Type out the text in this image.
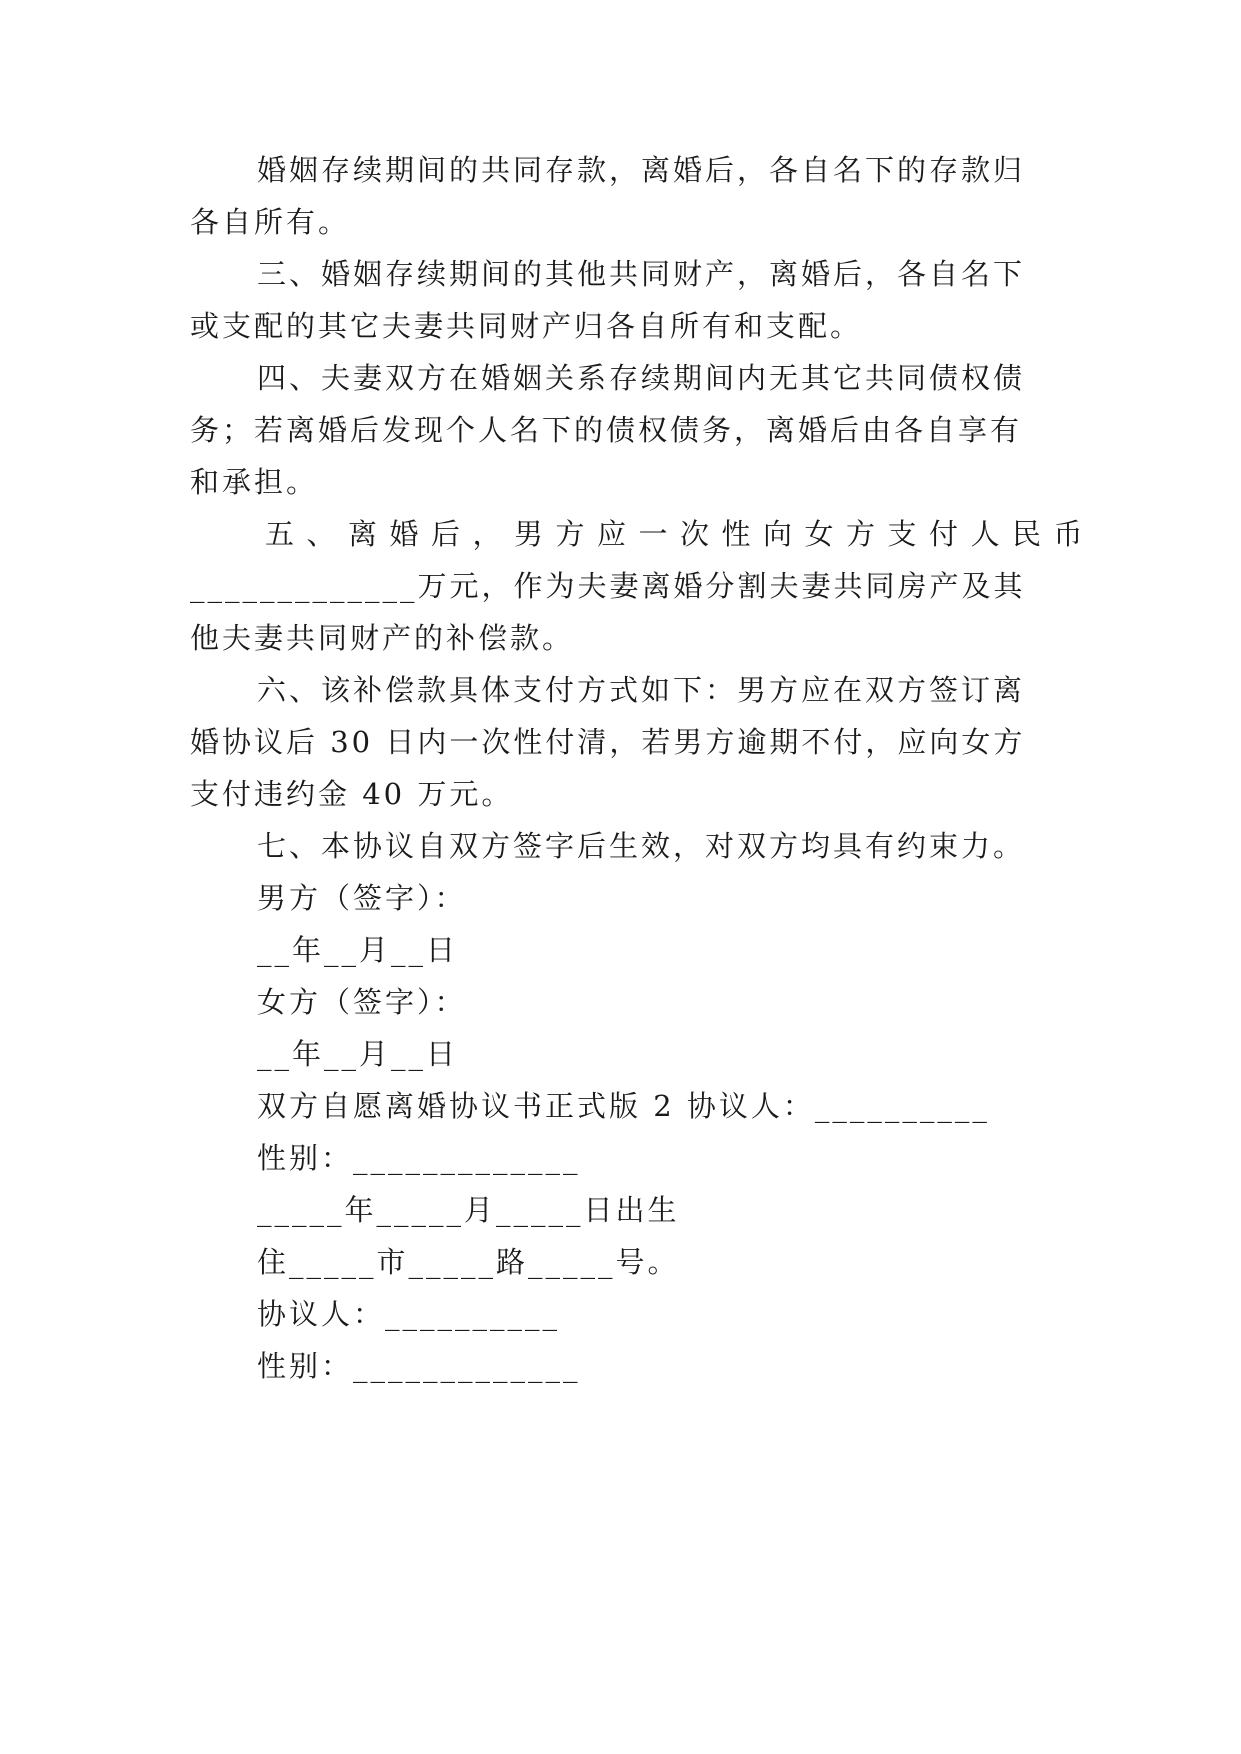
婚姻存续期间的共同存款，离婚后，各自名下的存款归
各自所有。
三、婚姻存续期间的其他共同财产，离婚后，各自名下
或支配的其它夫妻共同财产归各自所有和支配。
四、夫妻双方在婚姻关系存续期间内无其它共同债权债
务；若离婚后发现个人名下的债权债务，离婚后由各自享有
和承担。
五、离婚后，男方应一次性向女方支付人民币
_____________万元，作为夫妻离婚分割夫妻共同房产及其
他夫妻共同财产的补偿款。
六、该补偿款具体支付方式如下：男方应在双方签订离
婚协议后 30 日内一次性付清，若男方逾期不付，应向女方
支付违约金 40 万元。
七、本协议自双方签字后生效，对双方均具有约束力。
男方（签字）：
__年__月__日
女方（签字）：
__年__月__日
双方自愿离婚协议书正式版 2 协议人：__________
性别：_____________
_____年_____月_____日出生
住_____市_____路_____号。
协议人：__________
性别：_____________
